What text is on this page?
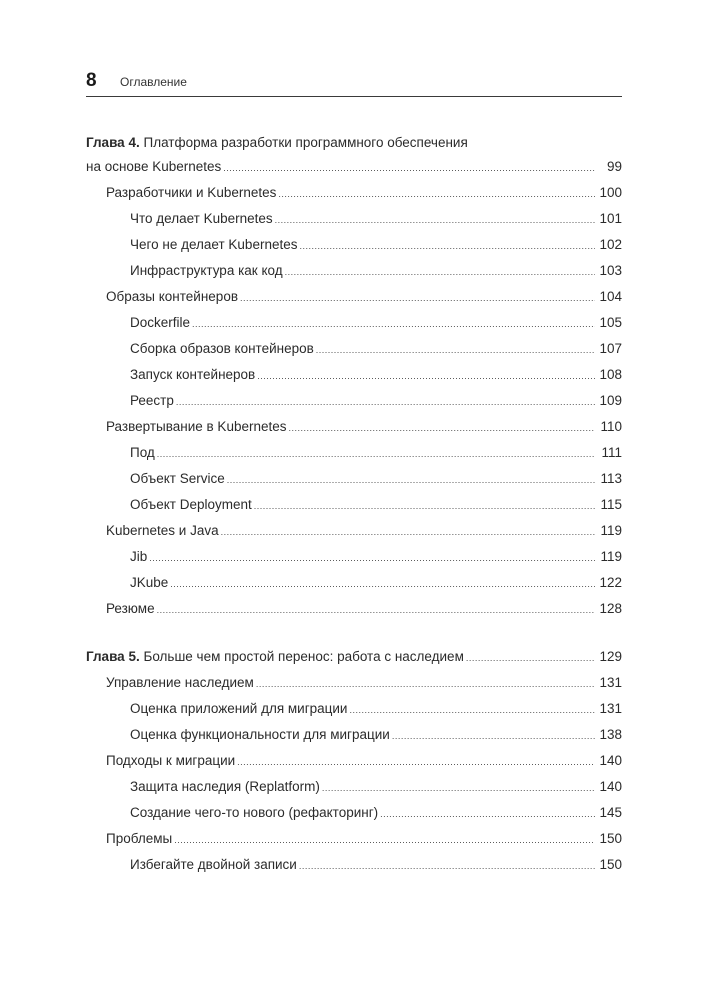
8 Оглавление
Глава 4. Платформа разработки программного обеспечения
на основе Kubernetes .....	99
Разработчики и Kubernetes .....	100
Что делает Kubernetes .....	101
Чего не делает Kubernetes .....	102
Инфраструктура как код .....	103
Образы контейнеров .....	104
Dockerfile .....	105
Сборка образов контейнеров .....	107
Запуск контейнеров .....	108
Реестр .....	109
Развертывание в Kubernetes .....	110
Под .....	111
Объект Service .....	113
Объект Deployment .....	115
Kubernetes и Java .....	119
Jib .....	119
JKube .....	122
Резюме .....	128
Глава 5.
Больше чем простой перенос: работа с наследием .....	129
Управление наследием .....	131
Оценка приложений для миграции .....	131
Оценка функциональности для миграции .....	138
Подходы к миграции .....	140
Защита наследия (Replatform) .....	140
Создание чего-то нового (рефакторинг) .....	145
Проблемы .....	150
Избегайте двойной записи .....	150
